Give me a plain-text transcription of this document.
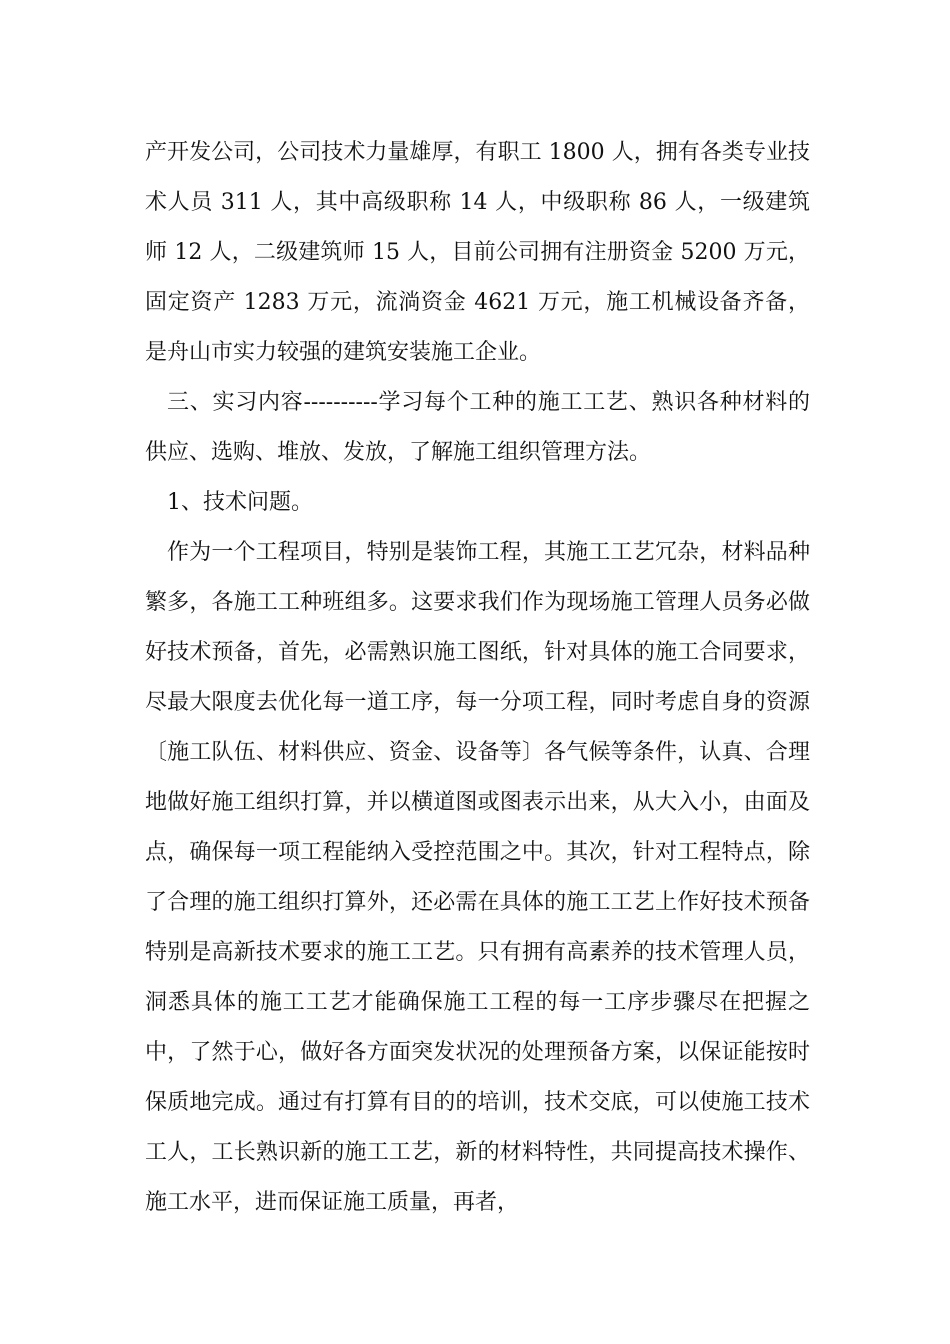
产开发公司，公司技术力量雄厚，有职工 1800 人，拥有各类专业技术人员 311 人，其中高级职称 14 人，中级职称 86 人，一级建筑师 12 人，二级建筑师 15 人，目前公司拥有注册资金 5200 万元，固定资产 1283 万元，流淌资金 4621 万元，施工机械设备齐备，是舟山市实力较强的建筑安装施工企业。

三、实习内容----------学习每个工种的施工工艺、熟识各种材料的供应、选购、堆放、发放，了解施工组织管理方法。

1、技术问题。

作为一个工程项目，特别是装饰工程，其施工工艺冗杂，材料品种繁多，各施工工种班组多。这要求我们作为现场施工管理人员务必做好技术预备，首先，必需熟识施工图纸，针对具体的施工合同要求，尽最大限度去优化每一道工序，每一分项工程，同时考虑自身的资源〔施工队伍、材料供应、资金、设备等〕各气候等条件，认真、合理地做好施工组织打算，并以横道图或图表示出来，从大入小，由面及点，确保每一项工程能纳入受控范围之中。其次，针对工程特点，除了合理的施工组织打算外，还必需在具体的施工工艺上作好技术预备特别是高新技术要求的施工工艺。只有拥有高素养的技术管理人员，洞悉具体的施工工艺才能确保施工工程的每一工序步骤尽在把握之中，了然于心，做好各方面突发状况的处理预备方案，以保证能按时保质地完成。通过有打算有目的的培训，技术交底，可以使施工技术工人，工长熟识新的施工工艺，新的材料特性，共同提高技术操作、施工水平，进而保证施工质量，再者，
